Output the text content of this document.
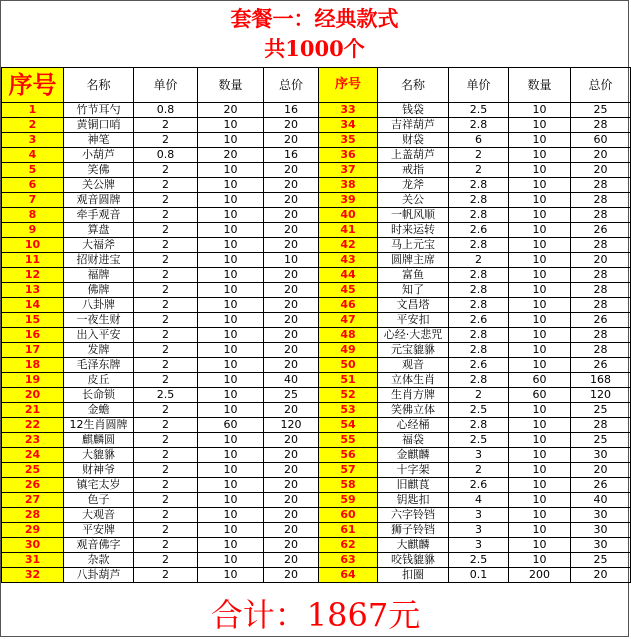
套餐一：经典款式
共1000个
序号	名称	单价	数量	总价	序号	名称	单价	数量	总价
1	竹节耳勺	0.8	20	16	33	钱袋	2.5	10	25
2	黄铜口哨	2	10	20	34	吉祥葫芦	2.8	10	28
3	神笔	2	10	20	35	财袋	6	10	60
4	小葫芦	0.8	20	16	36	上盖葫芦	2	10	20
5	笑佛	2	10	20	37	戒指	2	10	20
6	关公牌	2	10	20	38	龙斧	2.8	10	28
7	观音圆牌	2	10	20	39	关公	2.8	10	28
8	牵手观音	2	10	20	40	一帆风顺	2.8	10	28
9	算盘	2	10	20	41	时来运转	2.6	10	26
10	大福斧	2	10	20	42	马上元宝	2.8	10	28
11	招财进宝	2	10	10	43	圆牌主席	2	10	20
12	福牌	2	10	20	44	富鱼	2.8	10	28
13	佛牌	2	10	20	45	知了	2.8	10	28
14	八卦牌	2	10	20	46	文昌塔	2.8	10	28
15	一夜生财	2	10	20	47	平安扣	2.6	10	26
16	出入平安	2	10	20	48	心经·大悲咒	2.8	10	28
17	发牌	2	10	20	49	元宝貔貅	2.8	10	28
18	毛泽东牌	2	10	20	50	观音	2.6	10	26
19	皮丘	2	10	40	51	立体生肖	2.8	60	168
20	长命锁	2.5	10	25	52	生肖方牌	2	60	120
21	金蟾	2	10	20	53	笑佛立体	2.5	10	25
22	12生肖圆牌	2	60	120	54	心经桶	2.8	10	28
23	麒麟圆	2	10	20	55	福袋	2.5	10	25
24	大貔貅	2	10	20	56	金麒麟	3	10	30
25	财神爷	2	10	20	57	十字架	2	10	20
26	镇宅太岁	2	10	20	58	旧麒茛	2.6	10	26
27	色子	2	10	20	59	钥匙扣	4	10	40
28	大观音	2	10	20	60	六字铃铛	3	10	30
29	平安牌	2	10	20	61	狮子铃铛	3	10	30
30	观音佛字	2	10	20	62	大麒麟	3	10	30
31	杂款	2	10	20	63	咬钱貔貅	2.5	10	25
32	八卦葫芦	2	10	20	64	扣圈	0.1	200	20
合计：1867元
